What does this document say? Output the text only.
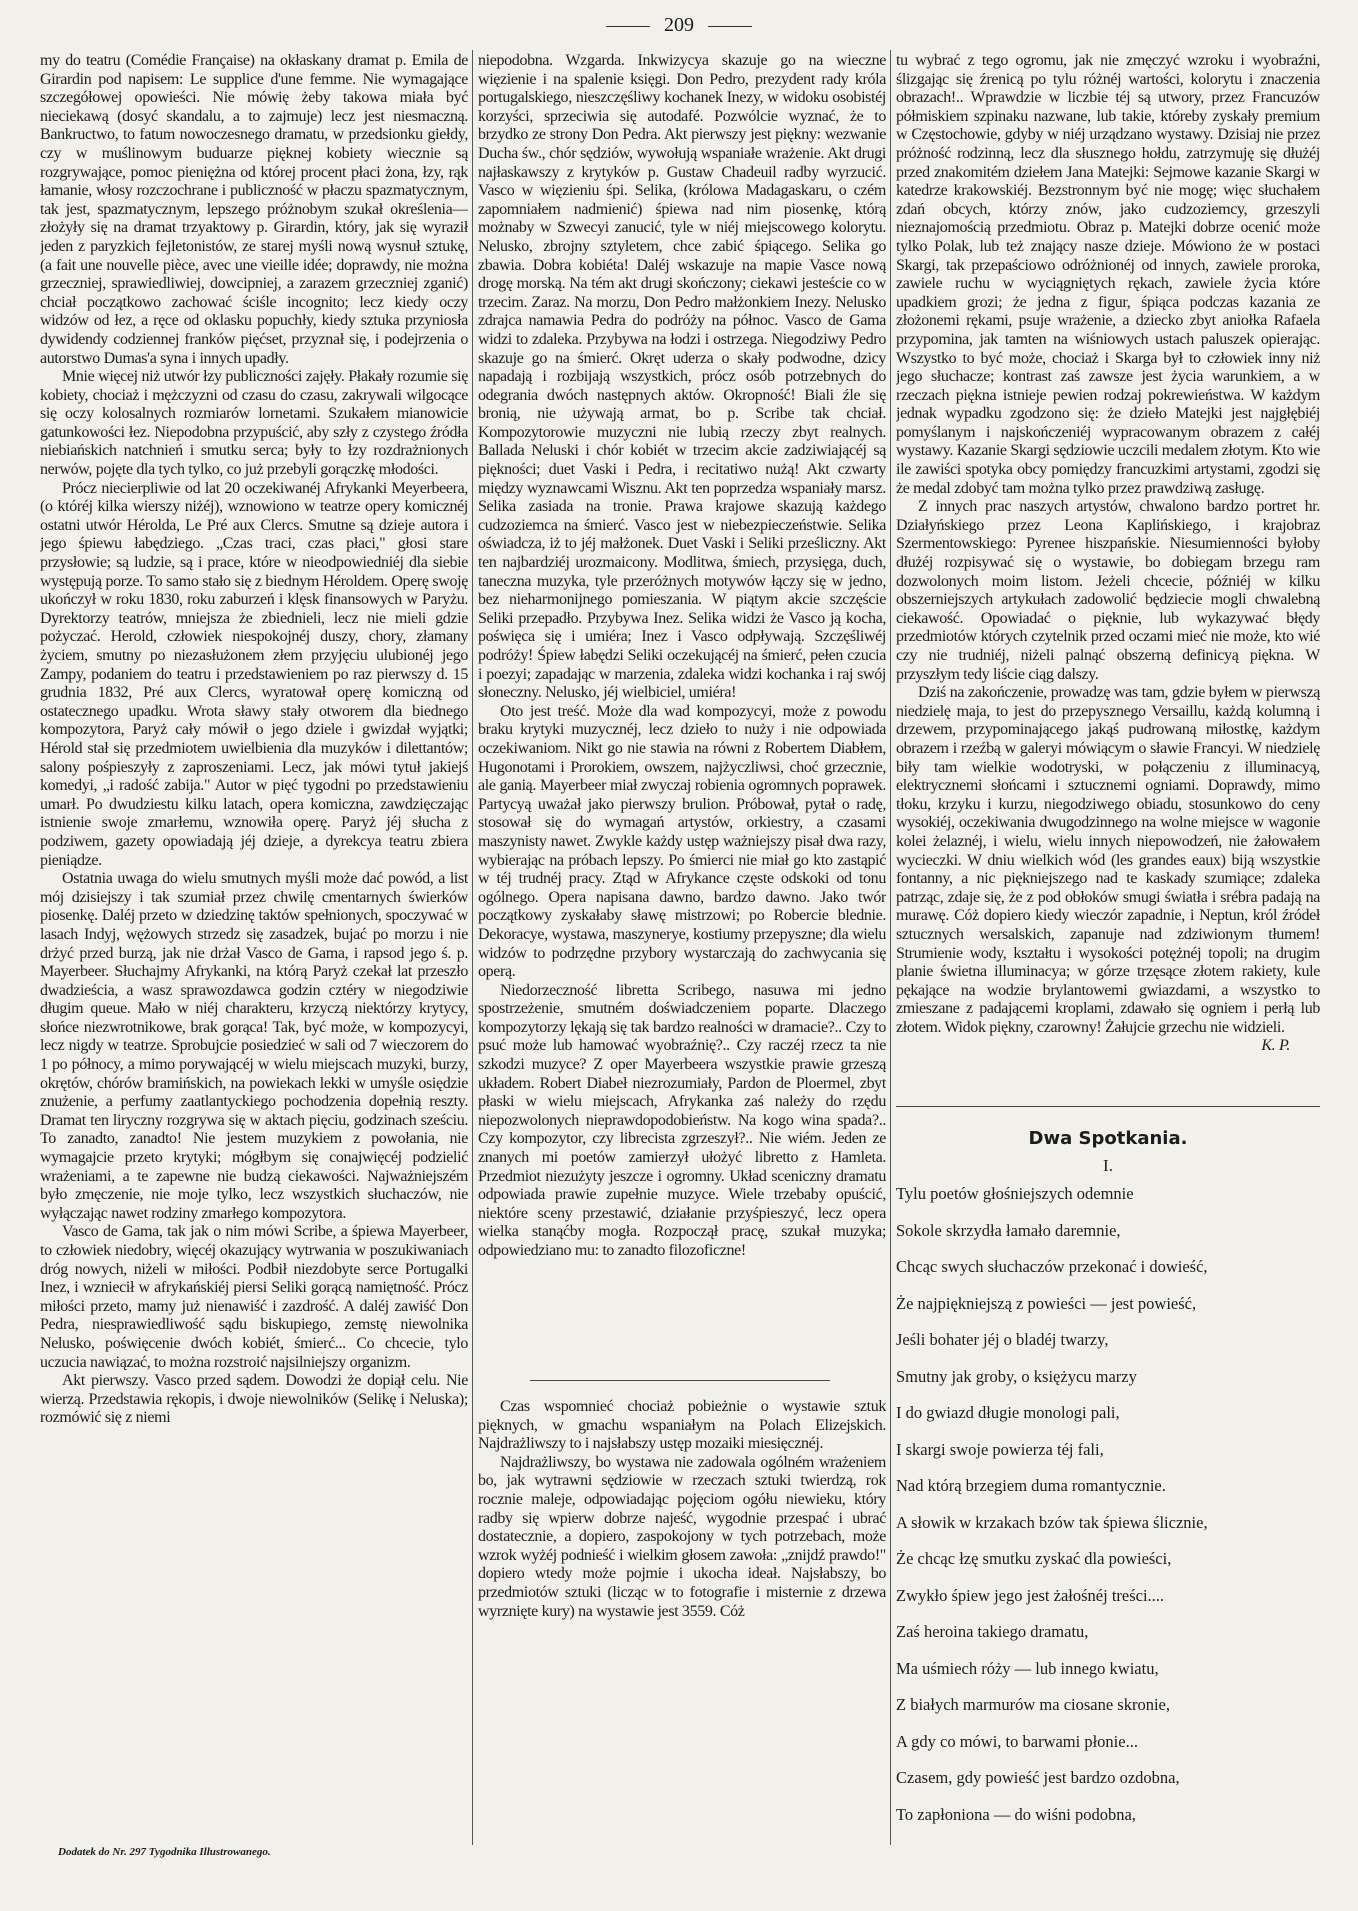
209

my do teatru (Comédie Française) na okłaskany dramat p. Emila de Girardin pod napisem: Le supplice d'une femme. Nie wymagające szczegółowej opowieści. Nie mówię żeby takowa miała być nieciekawą (dosyć skandalu, a to zajmuje) lecz jest niesmaczną. Bankructwo, to fatum nowoczesnego dramatu, w przedsionku giełdy, czy w muślinowym buduarze pięknej kobiety wiecznie są rozgrywające, pomoc pieniężna od której procent płaci żona, łzy, rąk łamanie, włosy rozczochrane i publiczność w płaczu spazmatycznym, tak jest, spazmatycznym, lepszego próżnobym szukał określenia— złożyły się na dramat trzyaktowy p. Girardin, który, jak się wyraził jeden z paryzkich fejletonistów, ze starej myśli nową wysnuł sztukę, (a fait une nouvelle pièce, avec une vieille idée; doprawdy, nie można grzeczniej, sprawiedliwiej, dowcipniej, a zarazem grzeczniej zganić) chciał początkowo zachować ściśle incognito; lecz kiedy oczy widzów od łez, a ręce od oklasku popuchły, kiedy sztuka przyniosła dywidendy codziennej franków pięćset, przyznał się, i podejrzenia o autorstwo Dumas'a syna i innych upadły.

Mnie więcej niż utwór łzy publiczności zajęły. Płakały rozumie się kobiety, chociaż i mężczyzni od czasu do czasu, zakrywali wilgocące się oczy kolosalnych rozmiarów lornetami. Szukałem mianowicie gatunkowości łez. Niepodobna przypuścić, aby szły z czystego źródła niebiańskich natchnień i smutku serca; były to łzy rozdrażnionych nerwów, pojęte dla tych tylko, co już przebyli gorączkę młodości.

Prócz niecierpliwie od lat 20 oczekiwanéj Afrykanki Meyerbeera, (o któréj kilka wierszy niżéj), wznowiono w teatrze opery komicznéj ostatni utwór Hérolda, Le Pré aux Clercs. Smutne są dzieje autora i jego śpiewu łabędziego. „Czas traci, czas płaci," głosi stare przysłowie; są ludzie, są i prace, które w nieodpowiedniéj dla siebie występują porze. To samo stało się z biednym Héroldem. Operę swoję ukończył w roku 1830, roku zaburzeń i klęsk finansowych w Paryżu. Dyrektorzy teatrów, mniejsza że zbiednieli, lecz nie mieli gdzie pożyczać. Herold, człowiek niespokojnéj duszy, chory, złamany życiem, smutny po niezasłużonem złem przyjęciu ulubionéj jego Zampy, podaniem do teatru i przedstawieniem po raz pierwszy d. 15 grudnia 1832, Pré aux Clercs, wyratował operę komiczną od ostatecznego upadku. Wrota sławy stały otworem dla biednego kompozytora, Paryż cały mówił o jego dziele i gwizdał wyjątki; Hérold stał się przedmiotem uwielbienia dla muzyków i dilettantów; salony pośpieszyły z zaproszeniami. Lecz, jak mówi tytuł jakiejś komedyi, „i radość zabija." Autor w pięć tygodni po przedstawieniu umarł. Po dwudziestu kilku latach, opera komiczna, zawdzięczając istnienie swoje zmarłemu, wznowiła operę. Paryż jéj słucha z podziwem, gazety opowiadają jéj dzieje, a dyrekcya teatru zbiera pieniądze.

Ostatnia uwaga do wielu smutnych myśli może dać powód, a list mój dzisiejszy i tak szumiał przez chwilę cmentarnych świerków piosenkę. Daléj przeto w dziedzinę taktów spełnionych, spoczywać w lasach Indyj, wężowych strzedz się zasadzek, bujać po morzu i nie drżyć przed burzą, jak nie drżał Vasco de Gama, i rapsod jego ś. p. Mayerbeer. Słuchajmy Afrykanki, na którą Paryż czekał lat przeszło dwadzieścia, a wasz sprawozdawca godzin cztéry w niegodziwie długim queue. Mało w niéj charakteru, krzyczą niektórzy krytycy, słońce niezwrotnikowe, brak gorąca! Tak, być może, w kompozycyi, lecz nigdy w teatrze. Sprobujcie posiedzieć w sali od 7 wieczorem do 1 po północy, a mimo porywającéj w wielu miejscach muzyki, burzy, okrętów, chórów bramińskich, na powiekach lekki w umyśle osiędzie znużenie, a perfumy zaatlantyckiego pochodzenia dopełnią reszty. Dramat ten liryczny rozgrywa się w aktach pięciu, godzinach sześciu. To zanadto, zanadto! Nie jestem muzykiem z powołania, nie wymagajcie przeto krytyki; mógłbym się conajwięcéj podzielić wrażeniami, a te zapewne nie budzą ciekawości. Najważniejszém było zmęczenie, nie moje tylko, lecz wszystkich słuchaczów, nie wyłączając nawet rodziny zmarłego kompozytora.

Vasco de Gama, tak jak o nim mówi Scribe, a śpiewa Mayerbeer, to człowiek niedobry, więcéj okazujący wytrwania w poszukiwaniach dróg nowych, niżeli w miłości. Podbił niezdobyte serce Portugalki Inez, i wzniecił w afrykańskiéj piersi Seliki gorącą namiętność. Prócz miłości przeto, mamy już nienawiść i zazdrość. A daléj zawiść Don Pedra, niesprawiedliwość sądu biskupiego, zemstę niewolnika Nelusko, poświęcenie dwóch kobiét, śmierć... Co chcecie, tylo uczucia nawiązać, to można rozstroić najsilniejszy organizm.

Akt pierwszy. Vasco przed sądem. Dowodzi że dopiął celu. Nie wierzą. Przedstawia rękopis, i dwoje niewolników (Selikę i Neluska); rozmówić się z niemi

niepodobna. Wzgarda. Inkwizycya skazuje go na wieczne więzienie i na spalenie księgi. Don Pedro, prezydent rady króla portugalskiego, nieszczęśliwy kochanek Inezy, w widoku osobistéj korzyści, sprzeciwia się autodafé. Pozwólcie wyznać, że to brzydko ze strony Don Pedra. Akt pierwszy jest piękny: wezwanie Ducha św., chór sędziów, wywołują wspaniałe wrażenie. Akt drugi najłaskawszy z krytyków p. Gustaw Chadeuil radby wyrzucić. Vasco w więzieniu śpi. Selika, (królowa Madagaskaru, o czém zapomniałem nadmienić) śpiewa nad nim piosenkę, którą możnaby w Szwecyi zanucić, tyle w niéj miejscowego kolorytu. Nelusko, zbrojny sztyletem, chce zabić śpiącego. Selika go zbawia. Dobra kobiéta! Daléj wskazuje na mapie Vasce nową drogę morską. Na tém akt drugi skończony; ciekawi jesteście co w trzecim. Zaraz. Na morzu, Don Pedro małżonkiem Inezy. Nelusko zdrajca namawia Pedra do podróży na północ. Vasco de Gama widzi to zdaleka. Przybywa na łodzi i ostrzega. Niegodziwy Pedro skazuje go na śmierć. Okręt uderza o skały podwodne, dzicy napadają i rozbijają wszystkich, prócz osób potrzebnych do odegrania dwóch następnych aktów. Okropność! Biali źle się bronią, nie używają armat, bo p. Scribe tak chciał. Kompozytorowie muzyczni nie lubią rzeczy zbyt realnych. Ballada Neluski i chór kobiét w trzecim akcie zadziwiającéj są piękności; duet Vaski i Pedra, i recitatiwo nużą! Akt czwarty między wyznawcami Wisznu. Akt ten poprzedza wspaniały marsz. Selika zasiada na tronie. Prawa krajowe skazują każdego cudzoziemca na śmierć. Vasco jest w niebezpieczeństwie. Selika oświadcza, iż to jéj małżonek. Duet Vaski i Seliki prześliczny. Akt ten najbardziéj urozmaicony. Modlitwa, śmiech, przysięga, duch, taneczna muzyka, tyle przeróżnych motywów łączy się w jedno, bez nieharmonijnego pomieszania. W piątym akcie szczęście Seliki przepadło. Przybywa Inez. Selika widzi że Vasco ją kocha, poświęca się i umiéra; Inez i Vasco odpływają. Szczęśliwéj podróży! Śpiew łabędzi Seliki oczekującéj na śmierć, pełen czucia i poezyi; zapadając w marzenia, zdaleka widzi kochanka i raj swój słoneczny. Nelusko, jéj wielbiciel, umiéra!

Oto jest treść. Może dla wad kompozycyi, może z powodu braku krytyki muzycznéj, lecz dzieło to nuży i nie odpowiada oczekiwaniom. Nikt go nie stawia na równi z Robertem Diabłem, Hugonotami i Prorokiem, owszem, najżyczliwsi, choć grzecznie, ale ganią. Mayerbeer miał zwyczaj robienia ogromnych poprawek. Partycyą uważał jako pierwszy brulion. Próbował, pytał o radę, stosował się do wymagań artystów, orkiestry, a czasami maszynisty nawet. Zwykle każdy ustęp ważniejszy pisał dwa razy, wybierając na próbach lepszy. Po śmierci nie miał go kto zastąpić w téj trudnéj pracy. Ztąd w Afrykance częste odskoki od tonu ogólnego. Opera napisana dawno, bardzo dawno. Jako twór początkowy zyskałaby sławę mistrzowi; po Robercie blednie. Dekoracye, wystawa, maszynerye, kostiumy przepyszne; dla wielu widzów to podrzędne przybory wystarczają do zachwycania się operą.

Niedorzeczność libretta Scribego, nasuwa mi jedno spostrzeżenie, smutném doświadczeniem poparte. Dlaczego kompozytorzy lękają się tak bardzo realności w dramacie?.. Czy to psuć może lub hamować wyobraźnię?.. Czy raczéj rzecz ta nie szkodzi muzyce? Z oper Mayerbeera wszystkie prawie grzeszą układem. Robert Diabeł niezrozumiały, Pardon de Ploermel, zbyt płaski w wielu miejscach, Afrykanka zaś należy do rzędu niepozwolonych nieprawdopodobieństw. Na kogo wina spada?.. Czy kompozytor, czy librecista zgrzeszył?.. Nie wiém. Jeden ze znanych mi poetów zamierzył ułożyć libretto z Hamleta. Przedmiot niezużyty jeszcze i ogromny. Układ sceniczny dramatu odpowiada prawie zupełnie muzyce. Wiele trzebaby opuścić, niektóre sceny przestawić, działanie przyśpieszyć, lecz opera wielka stanąćby mogła. Rozpoczął pracę, szukał muzyka; odpowiedziano mu: to zanadto filozoficzne!

Czas wspomnieć chociaż pobieżnie o wystawie sztuk pięknych, w gmachu wspaniałym na Polach Elizejskich. Najdrażliwszy to i najsłabszy ustęp mozaiki miesięcznéj.

Najdrażliwszy, bo wystawa nie zadowala ogólném wrażeniem bo, jak wytrawni sędziowie w rzeczach sztuki twierdzą, rok rocznie maleje, odpowiadając pojęciom ogółu niewieku, który radby się wpierw dobrze najeść, wygodnie przespać i ubrać dostatecznie, a dopiero, zaspokojony w tych potrzebach, może wzrok wyżéj podnieść i wielkim głosem zawoła: „znijdź prawdo!" dopiero wtedy może pojmie i ukocha ideał. Najsłabszy, bo przedmiotów sztuki (licząc w to fotografie i misternie z drzewa wyrznięte kury) na wystawie jest 3559. Cóż

tu wybrać z tego ogromu, jak nie zmęczyć wzroku i wyobraźni, ślizgając się źrenicą po tylu różnéj wartości, kolorytu i znaczenia obrazach!.. Wprawdzie w liczbie téj są utwory, przez Francuzów półmiskiem szpinaku nazwane, lub takie, któreby zyskały premium w Częstochowie, gdyby w niéj urządzano wystawy. Dzisiaj nie przez próżność rodzinną, lecz dla słusznego hołdu, zatrzymuję się dłużéj przed znakomitém dziełem Jana Matejki: Sejmowe kazanie Skargi w katedrze krakowskiéj. Bezstronnym być nie mogę; więc słuchałem zdań obcych, którzy znów, jako cudzoziemcy, grzeszyli nieznajomością przedmiotu. Obraz p. Matejki dobrze ocenić może tylko Polak, lub też znający nasze dzieje. Mówiono że w postaci Skargi, tak przepaściowo odróżnionéj od innych, zawiele proroka, zawiele ruchu w wyciągniętych rękach, zawiele życia które upadkiem grozi; że jedna z figur, śpiąca podczas kazania ze złożonemi rękami, psuje wrażenie, a dziecko zbyt aniołka Rafaela przypomina, jak tamten na wiśniowych ustach paluszek opierając. Wszystko to być może, chociaż i Skarga był to człowiek inny niż jego słuchacze; kontrast zaś zawsze jest życia warunkiem, a w rzeczach piękna istnieje pewien rodzaj pokrewieństwa. W każdym jednak wypadku zgodzono się: że dzieło Matejki jest najgłębiéj pomyślanym i najskończeniéj wypracowanym obrazem z całéj wystawy. Kazanie Skargi sędziowie uczcili medalem złotym. Kto wie ile zawiści spotyka obcy pomiędzy francuzkimi artystami, zgodzi się że medal zdobyć tam można tylko przez prawdziwą zasługę.

Z innych prac naszych artystów, chwalono bardzo portret hr. Działyńskiego przez Leona Kaplińskiego, i krajobraz Szermentowskiego: Pyrenee hiszpańskie. Niesumienności byłoby dłużéj rozpisywać się o wystawie, bo dobiegam brzegu ram dozwolonych moim listom. Jeżeli chcecie, późniéj w kilku obszerniejszych artykułach zadowolić będziecie mogli chwalebną ciekawość. Opowiadać o pięknie, lub wykazywać błędy przedmiotów których czytelnik przed oczami mieć nie może, kto wié czy nie trudniéj, niżeli palnąć obszerną definicyą piękna. W przyszłym tedy liście ciąg dalszy.

Dziś na zakończenie, prowadzę was tam, gdzie byłem w pierwszą niedzielę maja, to jest do przepysznego Versaillu, każdą kolumną i drzewem, przypominającego jakąś pudrowaną miłostkę, każdym obrazem i rzeźbą w galeryi mówiącym o sławie Francyi. W niedzielę biły tam wielkie wodotryski, w połączeniu z illuminacyą, elektrycznemi słońcami i sztucznemi ogniami. Doprawdy, mimo tłoku, krzyku i kurzu, niegodziwego obiadu, stosunkowo do ceny wysokiéj, oczekiwania dwugodzinnego na wolne miejsce w wagonie kolei żelaznéj, i wielu, wielu innych niepowodzeń, nie żałowałem wycieczki. W dniu wielkich wód (les grandes eaux) biją wszystkie fontanny, a nic piękniejszego nad te kaskady szumiące; zdaleka patrząc, zdaje się, że z pod obłoków smugi światła i srébra padają na murawę. Cóż dopiero kiedy wieczór zapadnie, i Neptun, król źródeł sztucznych wersalskich, zapanuje nad zdziwionym tłumem! Strumienie wody, kształtu i wysokości potężnéj topoli; na drugim planie świetna illuminacya; w górze trzęsące złotem rakiety, kule pękające na wodzie brylantowemi gwiazdami, a wszystko to zmieszane z padającemi kroplami, zdawało się ogniem i perłą lub złotem. Widok piękny, czarowny! Żałujcie grzechu nie widzieli.

K. P.
Dwa Spotkania.
I.
Tylu poetów głośniejszych odemnie
Sokole skrzydła łamało daremnie,
Chcąc swych słuchaczów przekonać i dowieść,
Że najpiękniejszą z powieści — jest powieść,
Jeśli bohater jéj o bladéj twarzy,
Smutny jak groby, o księżycu marzy
I do gwiazd długie monologi pali,
I skargi swoje powierza téj fali,
Nad którą brzegiem duma romantycznie.
A słowik w krzakach bzów tak śpiewa ślicznie,
Że chcąc łzę smutku zyskać dla powieści,
Zwykło śpiew jego jest żałośnéj treści....
Zaś heroina takiego dramatu,
Ma uśmiech róży — lub innego kwiatu,
Z białych marmurów ma ciosane skronie,
A gdy co mówi, to barwami płonie...
Czasem, gdy powieść jest bardzo ozdobna,
To zapłoniona — do wiśni podobna,
Dodatek do Nr. 297 Tygodnika Illustrowanego.
